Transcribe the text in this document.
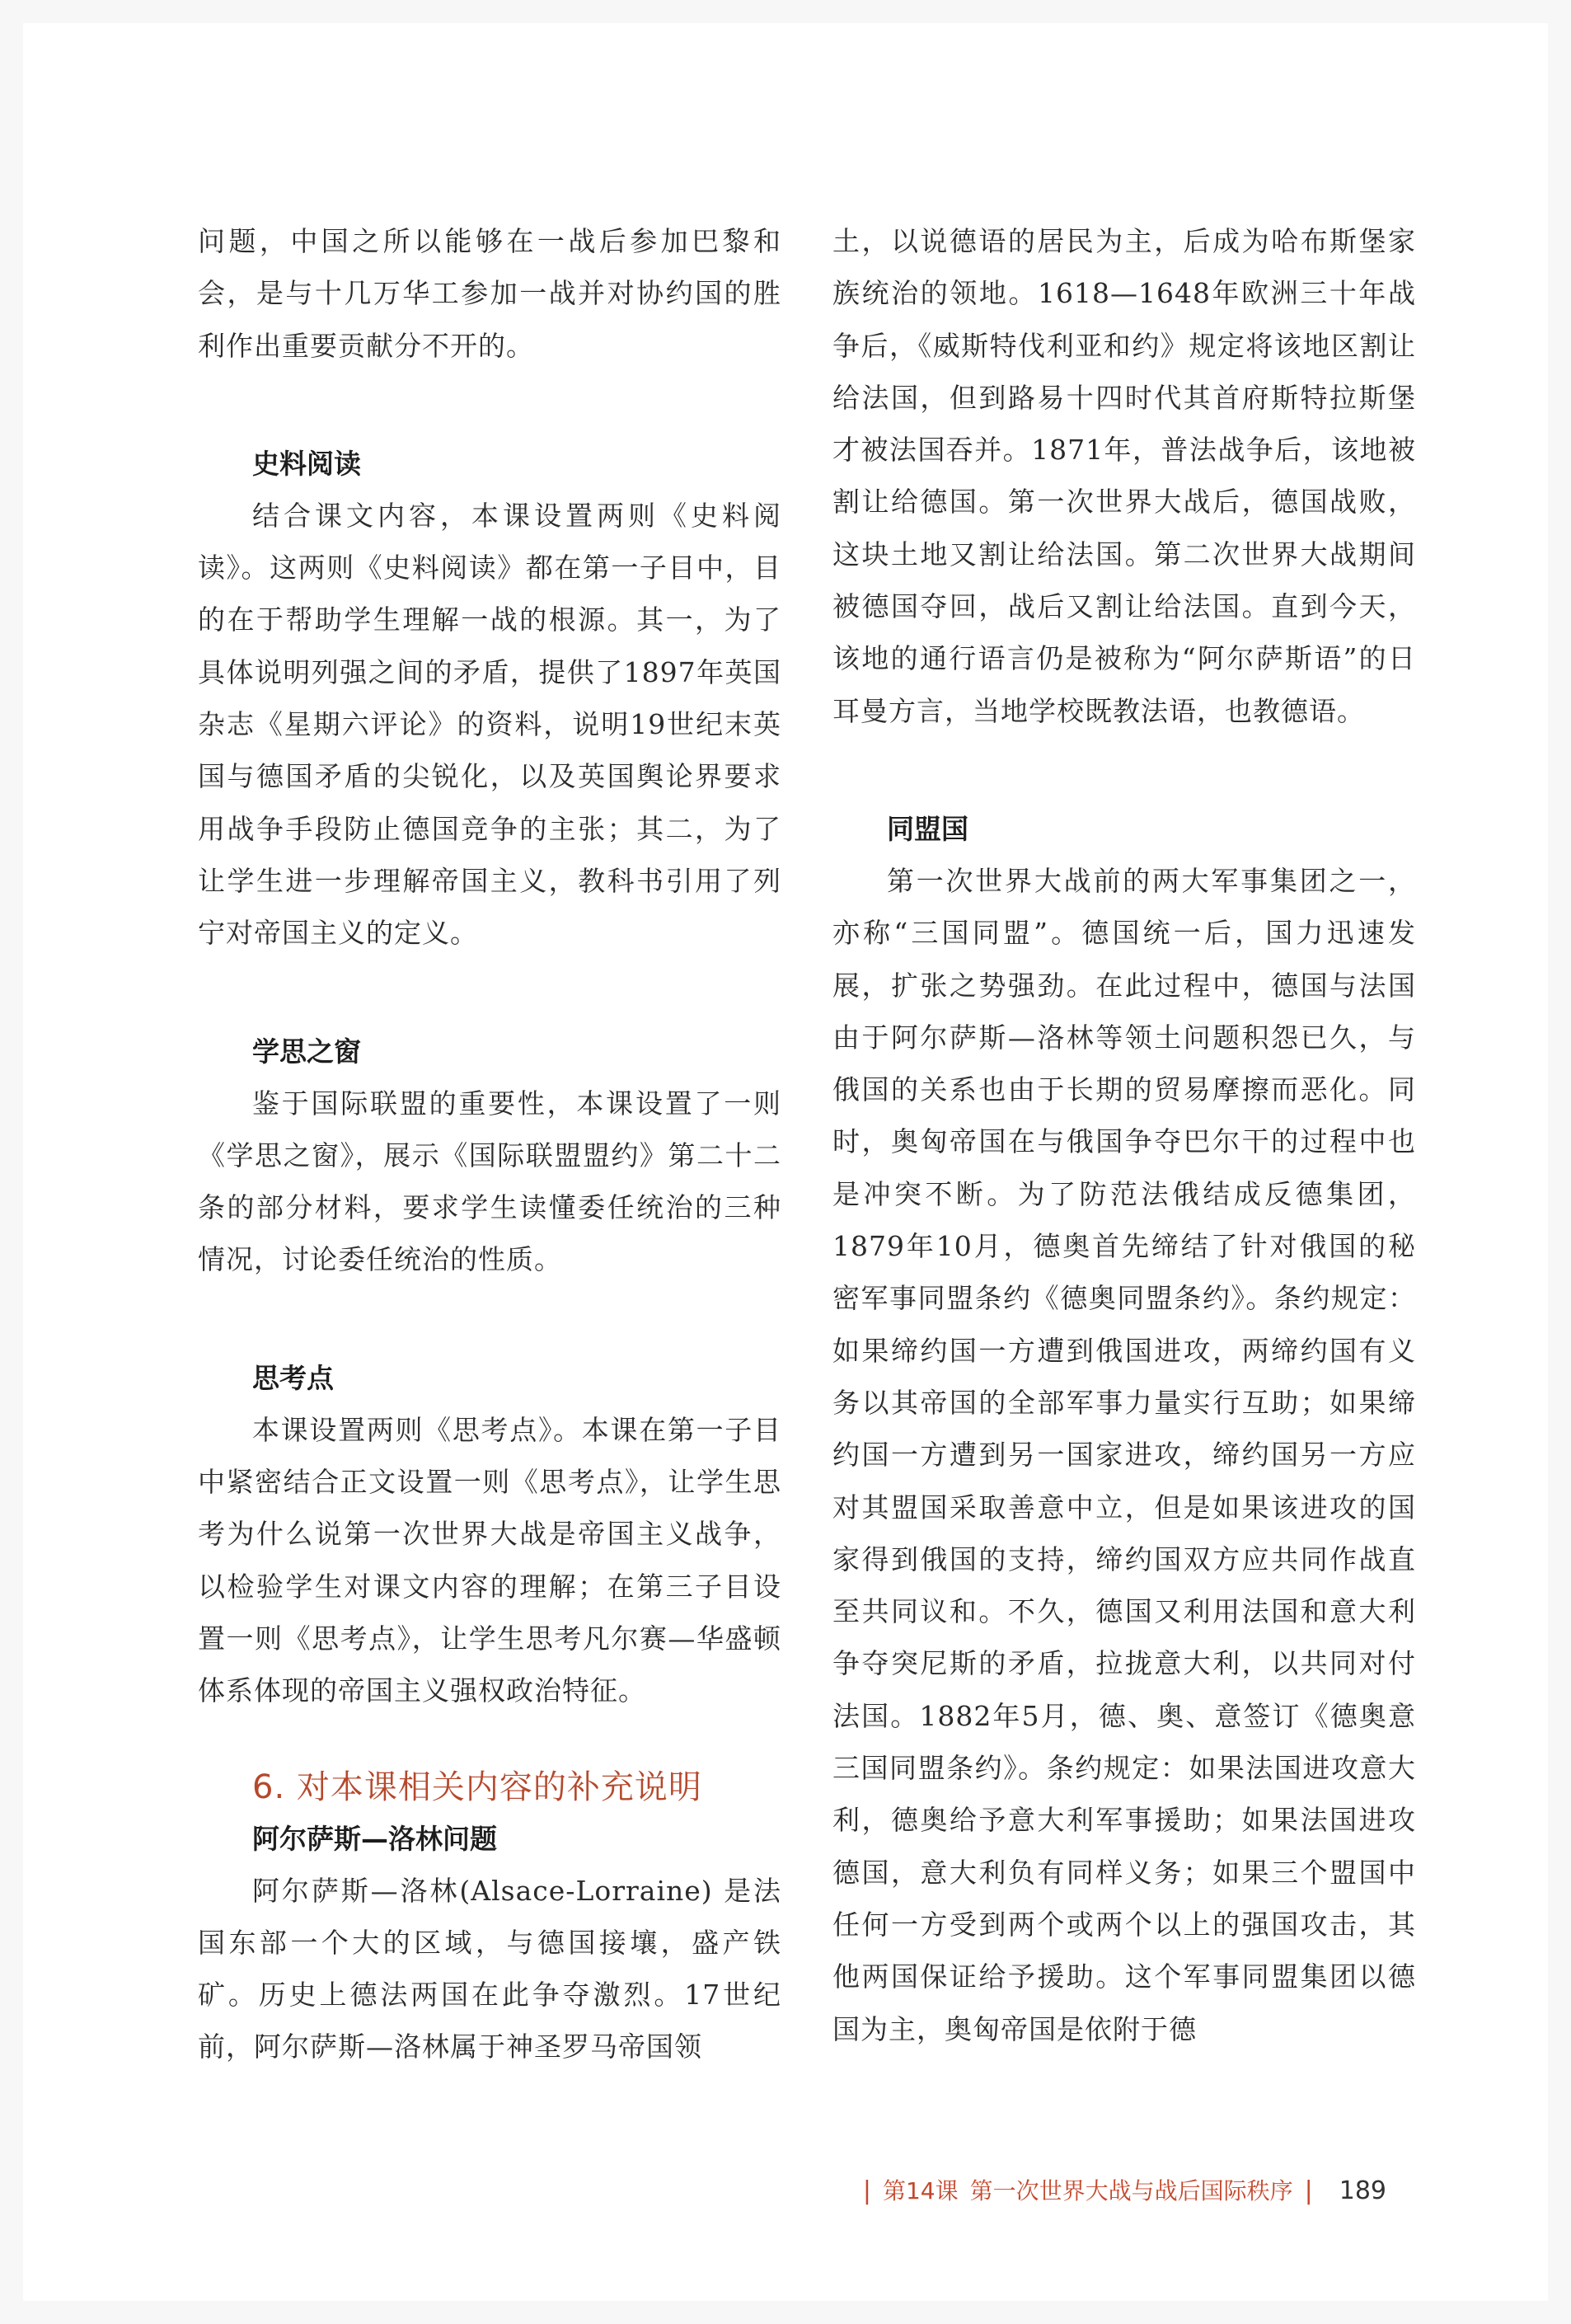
问题，中国之所以能够在一战后参加巴黎和会，是与十几万华工参加一战并对协约国的胜利作出重要贡献分不开的。

史料阅读

结合课文内容，本课设置两则《史料阅读》。这两则《史料阅读》都在第一子目中，目的在于帮助学生理解一战的根源。其一，为了具体说明列强之间的矛盾，提供了1897年英国杂志《星期六评论》的资料，说明19世纪末英国与德国矛盾的尖锐化，以及英国舆论界要求用战争手段防止德国竞争的主张；其二，为了让学生进一步理解帝国主义，教科书引用了列宁对帝国主义的定义。

学思之窗

鉴于国际联盟的重要性，本课设置了一则《学思之窗》，展示《国际联盟盟约》第二十二条的部分材料，要求学生读懂委任统治的三种情况，讨论委任统治的性质。

思考点

本课设置两则《思考点》。本课在第一子目中紧密结合正文设置一则《思考点》，让学生思考为什么说第一次世界大战是帝国主义战争，以检验学生对课文内容的理解；在第三子目设置一则《思考点》，让学生思考凡尔赛—华盛顿体系体现的帝国主义强权政治特征。

6. 对本课相关内容的补充说明
阿尔萨斯—洛林问题

阿尔萨斯—洛林(Alsace-Lorraine) 是法国东部一个大的区域，与德国接壤，盛产铁矿。历史上德法两国在此争夺激烈。17世纪前，阿尔萨斯—洛林属于神圣罗马帝国领

土，以说德语的居民为主，后成为哈布斯堡家族统治的领地。1618—1648年欧洲三十年战争后，《威斯特伐利亚和约》规定将该地区割让给法国，但到路易十四时代其首府斯特拉斯堡才被法国吞并。1871年，普法战争后，该地被割让给德国。第一次世界大战后，德国战败，这块土地又割让给法国。第二次世界大战期间被德国夺回，战后又割让给法国。直到今天，该地的通行语言仍是被称为“阿尔萨斯语”的日耳曼方言，当地学校既教法语，也教德语。

同盟国

第一次世界大战前的两大军事集团之一，亦称“三国同盟”。德国统一后，国力迅速发展，扩张之势强劲。在此过程中，德国与法国由于阿尔萨斯—洛林等领土问题积怨已久，与俄国的关系也由于长期的贸易摩擦而恶化。同时，奥匈帝国在与俄国争夺巴尔干的过程中也是冲突不断。为了防范法俄结成反德集团，1879年10月，德奥首先缔结了针对俄国的秘密军事同盟条约《德奥同盟条约》。条约规定：如果缔约国一方遭到俄国进攻，两缔约国有义务以其帝国的全部军事力量实行互助；如果缔约国一方遭到另一国家进攻，缔约国另一方应对其盟国采取善意中立，但是如果该进攻的国家得到俄国的支持，缔约国双方应共同作战直至共同议和。不久，德国又利用法国和意大利争夺突尼斯的矛盾，拉拢意大利，以共同对付法国。1882年5月，德、奥、意签订《德奥意三国同盟条约》。条约规定：如果法国进攻意大利，德奥给予意大利军事援助；如果法国进攻德国，意大利负有同样义务；如果三个盟国中任何一方受到两个或两个以上的强国攻击，其他两国保证给予援助。这个军事同盟集团以德国为主，奥匈帝国是依附于德

| 第14课 第一次世界大战与战后国际秩序 | 189
